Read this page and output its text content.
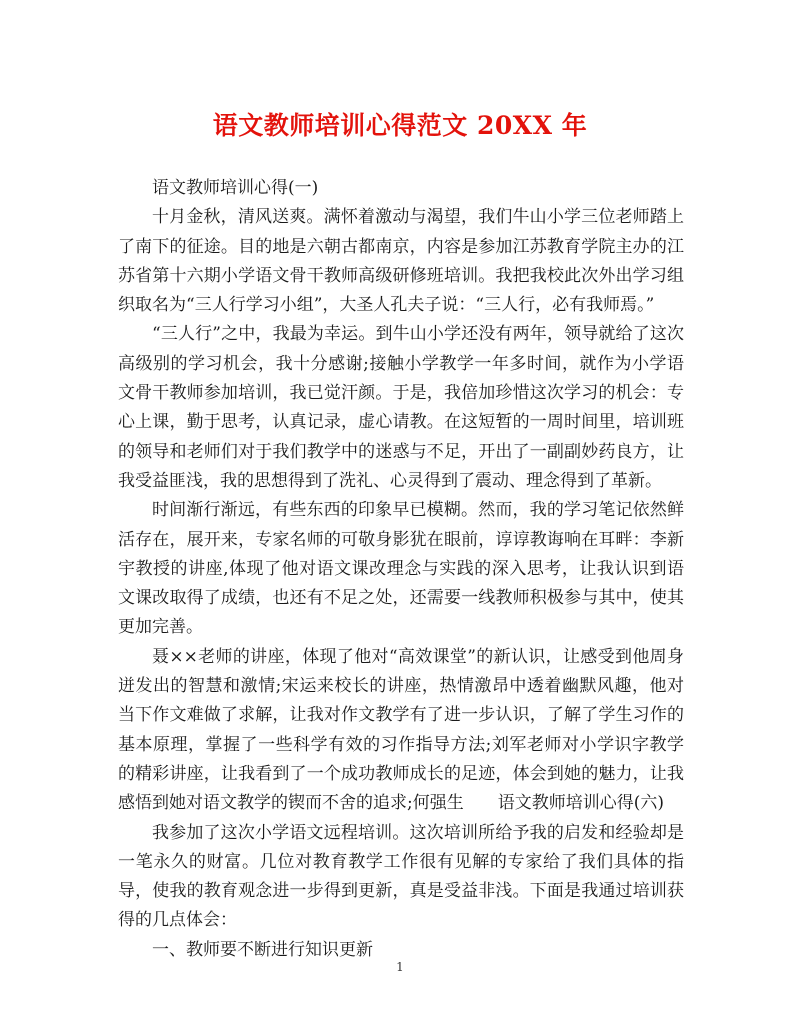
语文教师培训心得范文 20XX 年

语文教师培训心得(一)

十月金秋，清风送爽。满怀着激动与渴望，我们牛山小学三位老师踏上了南下的征途。目的地是六朝古都南京，内容是参加江苏教育学院主办的江苏省第十六期小学语文骨干教师高级研修班培训。我把我校此次外出学习组织取名为“三人行学习小组”，大圣人孔夫子说：“三人行，必有我师焉。”

“三人行”之中，我最为幸运。到牛山小学还没有两年，领导就给了这次高级别的学习机会，我十分感谢;接触小学教学一年多时间，就作为小学语文骨干教师参加培训，我已觉汗颜。于是，我倍加珍惜这次学习的机会：专心上课，勤于思考，认真记录，虚心请教。在这短暂的一周时间里，培训班的领导和老师们对于我们教学中的迷惑与不足，开出了一副副妙药良方，让我受益匪浅，我的思想得到了洗礼、心灵得到了震动、理念得到了革新。

时间渐行渐远，有些东西的印象早已模糊。然而，我的学习笔记依然鲜活存在，展开来，专家名师的可敬身影犹在眼前，谆谆教诲响在耳畔：李新宇教授的讲座,体现了他对语文课改理念与实践的深入思考，让我认识到语文课改取得了成绩，也还有不足之处，还需要一线教师积极参与其中，使其更加完善。

聂××老师的讲座，体现了他对“高效课堂”的新认识，让感受到他周身迸发出的智慧和激情;宋运来校长的讲座，热情激昂中透着幽默风趣，他对当下作文难做了求解，让我对作文教学有了进一步认识，了解了学生习作的基本原理，掌握了一些科学有效的习作指导方法;刘军老师对小学识字教学的精彩讲座，让我看到了一个成功教师成长的足迹，体会到她的魅力，让我感悟到她对语文教学的锲而不舍的追求;何强生　　语文教师培训心得(六)

我参加了这次小学语文远程培训。这次培训所给予我的启发和经验却是一笔永久的财富。几位对教育教学工作很有见解的专家给了我们具体的指导，使我的教育观念进一步得到更新，真是受益非浅。下面是我通过培训获得的几点体会：

一、教师要不断进行知识更新

1
